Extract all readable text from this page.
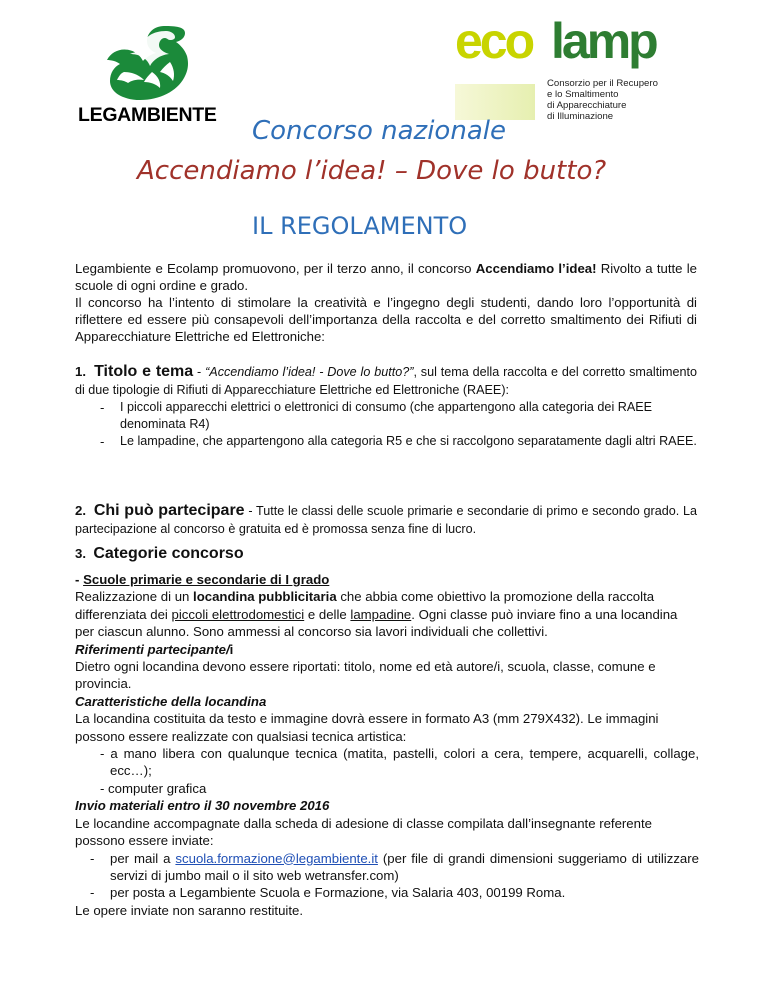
LEGAMBIENTE
eco lamp
Consorzio per il Recupero
e lo Smaltimento
di Apparecchiature
di Illuminazione
Concorso nazionale
Accendiamo l’idea! – Dove lo butto?
IL REGOLAMENTO

Legambiente e Ecolamp promuovono, per il terzo anno, il concorso Accendiamo l’idea! Rivolto a tutte le scuole di ogni ordine e grado.

Il concorso ha l’intento di stimolare la creatività e l’ingegno degli studenti, dando loro l’opportunità di riflettere ed essere più consapevoli dell’importanza della raccolta e del corretto smaltimento dei Rifiuti di Apparecchiature Elettriche ed Elettroniche:

1. Titolo e tema - “Accendiamo l’idea! - Dove lo butto?”, sul tema della raccolta e del corretto smaltimento di due tipologie di Rifiuti di Apparecchiature Elettriche ed Elettroniche (RAEE):

-	I piccoli apparecchi elettrici o elettronici di consumo (che appartengono alla categoria dei RAEE denominata R4)
-	Le lampadine, che appartengono alla categoria R5 e che si raccolgono separatamente dagli altri RAEE.

2. Chi può partecipare - Tutte le classi delle scuole primarie e secondarie di primo e secondo grado. La partecipazione al concorso è gratuita ed è promossa senza fine di lucro.

3. Categorie concorso

- Scuole primarie e secondarie di I grado

Realizzazione di un locandina pubblicitaria che abbia come obiettivo la promozione della raccolta differenziata dei piccoli elettrodomestici e delle lampadine. Ogni classe può inviare fino a una locandina per ciascun alunno. Sono ammessi al concorso sia lavori individuali che collettivi.

Riferimenti partecipante/i

Dietro ogni locandina devono essere riportati: titolo, nome ed età autore/i, scuola, classe, comune e provincia.

Caratteristiche della locandina

La locandina costituita da testo e immagine dovrà essere in formato A3 (mm 279X432). Le immagini possono essere realizzate con qualsiasi tecnica artistica:

- a mano libera con qualunque tecnica (matita, pastelli, colori a cera, tempere, acquarelli, collage, ecc…);

- computer grafica

Invio materiali entro il 30 novembre 2016

Le locandine accompagnate dalla scheda di adesione di classe compilata dall’insegnante referente possono essere inviate:

-	per mail a scuola.formazione@legambiente.it (per file di grandi dimensioni suggeriamo di utilizzare servizi di jumbo mail o il sito web wetransfer.com)
-	per posta a Legambiente Scuola e Formazione, via Salaria 403, 00199 Roma.

Le opere inviate non saranno restituite.
